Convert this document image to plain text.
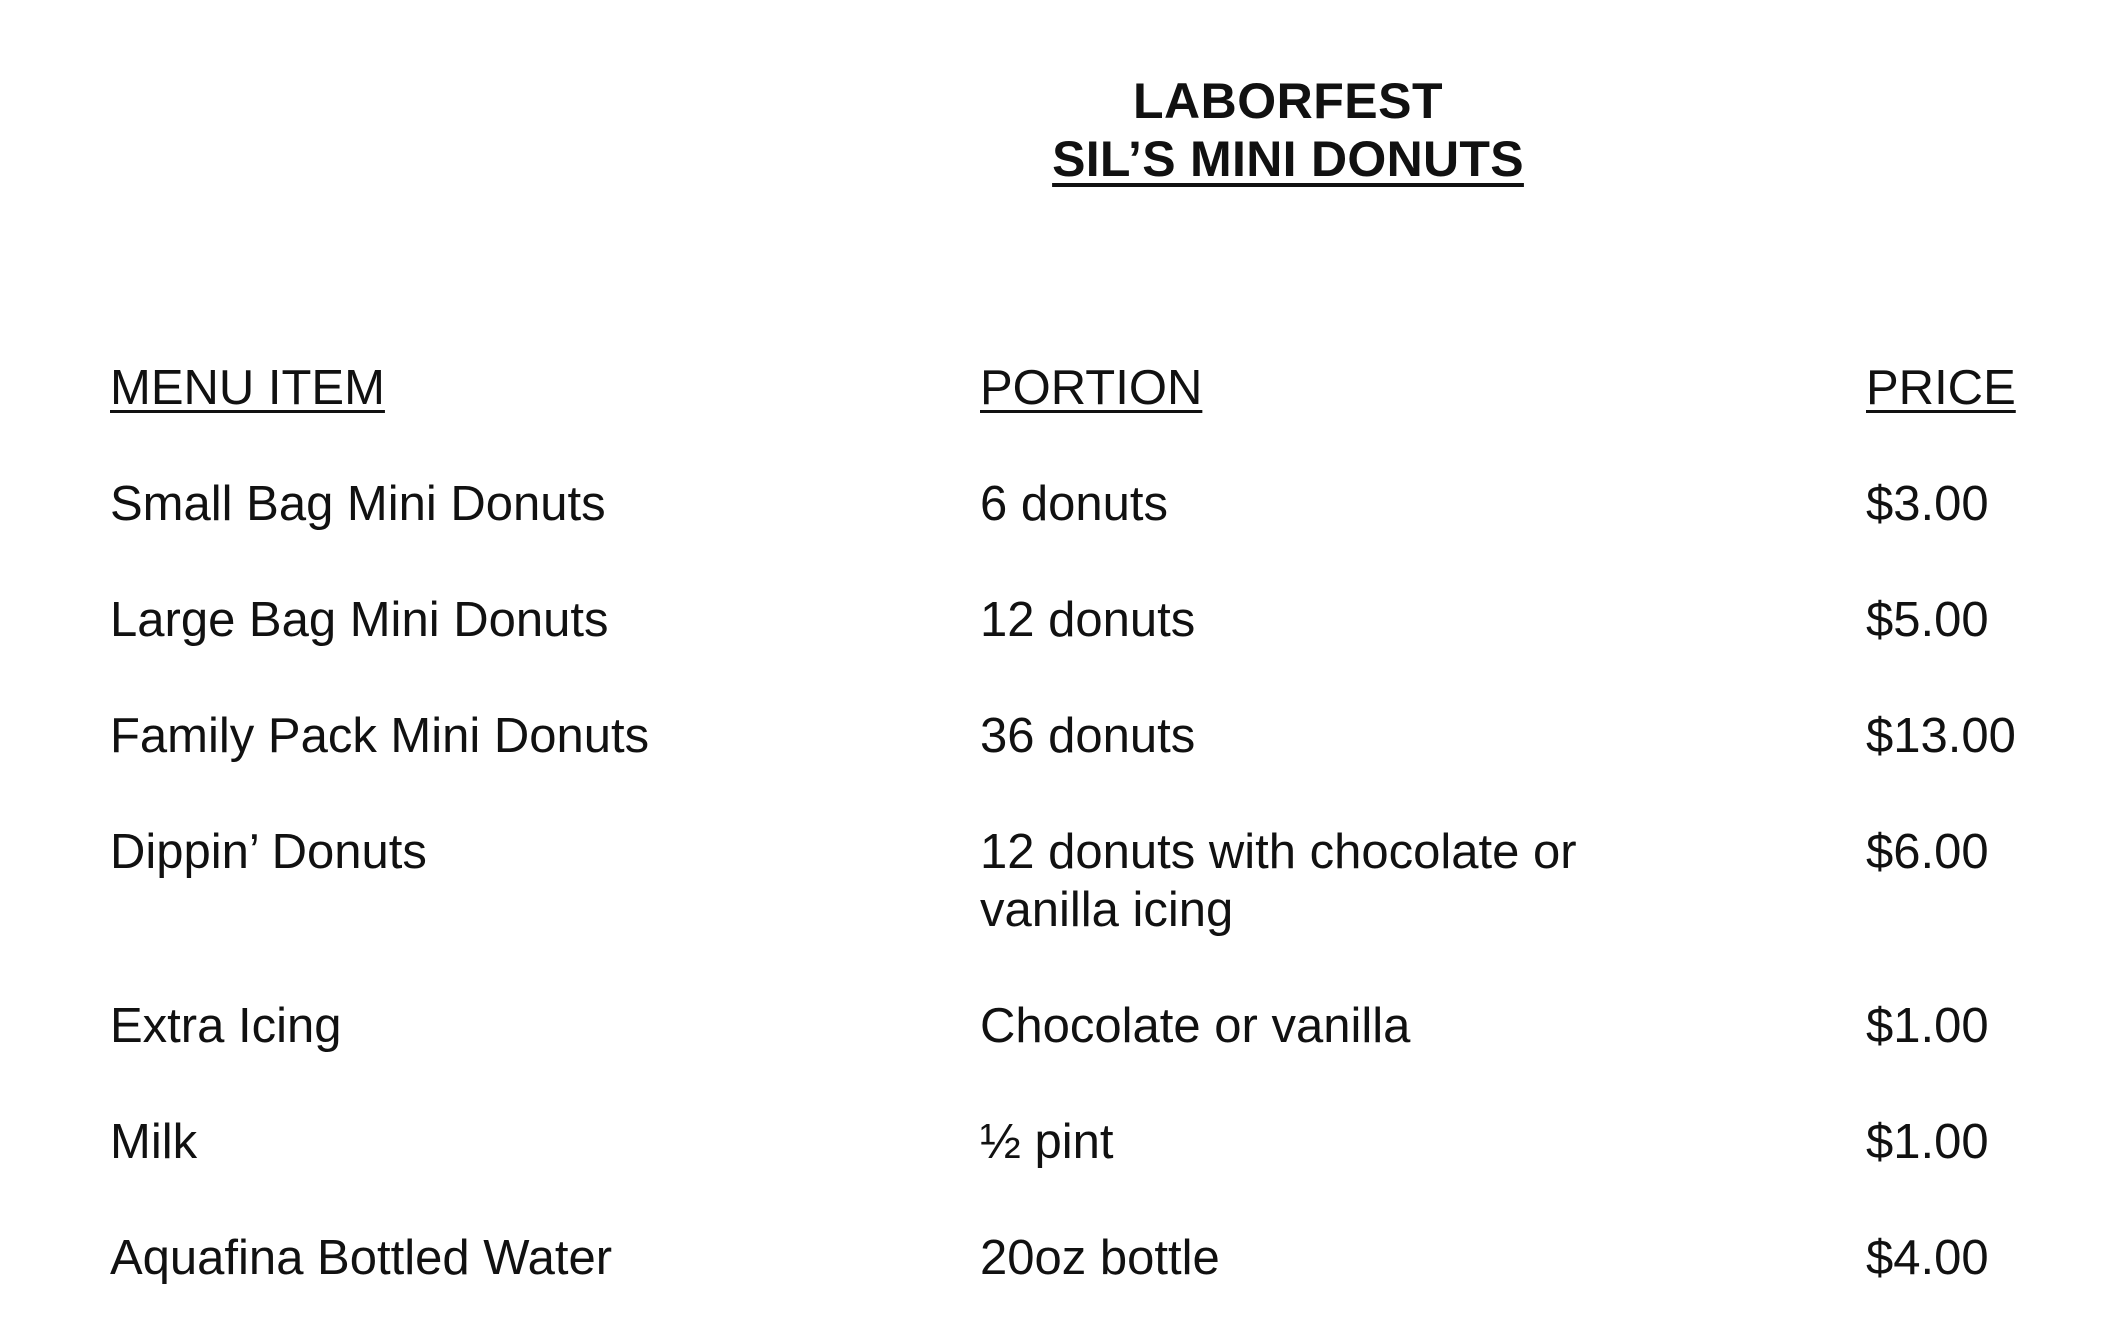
LABORFEST
SIL’S MINI DONUTS
MENU ITEM
Small Bag Mini Donuts
Large Bag Mini Donuts
Family Pack Mini Donuts
Dippin’ Donuts
Extra Icing
Milk
Aquafina Bottled Water
PORTION
6 donuts
12 donuts
36 donuts
12 donuts with chocolate or
vanilla icing
Chocolate or vanilla
½ pint
20oz bottle
PRICE
$3.00
$5.00
$13.00
$6.00
$1.00
$1.00
$4.00
